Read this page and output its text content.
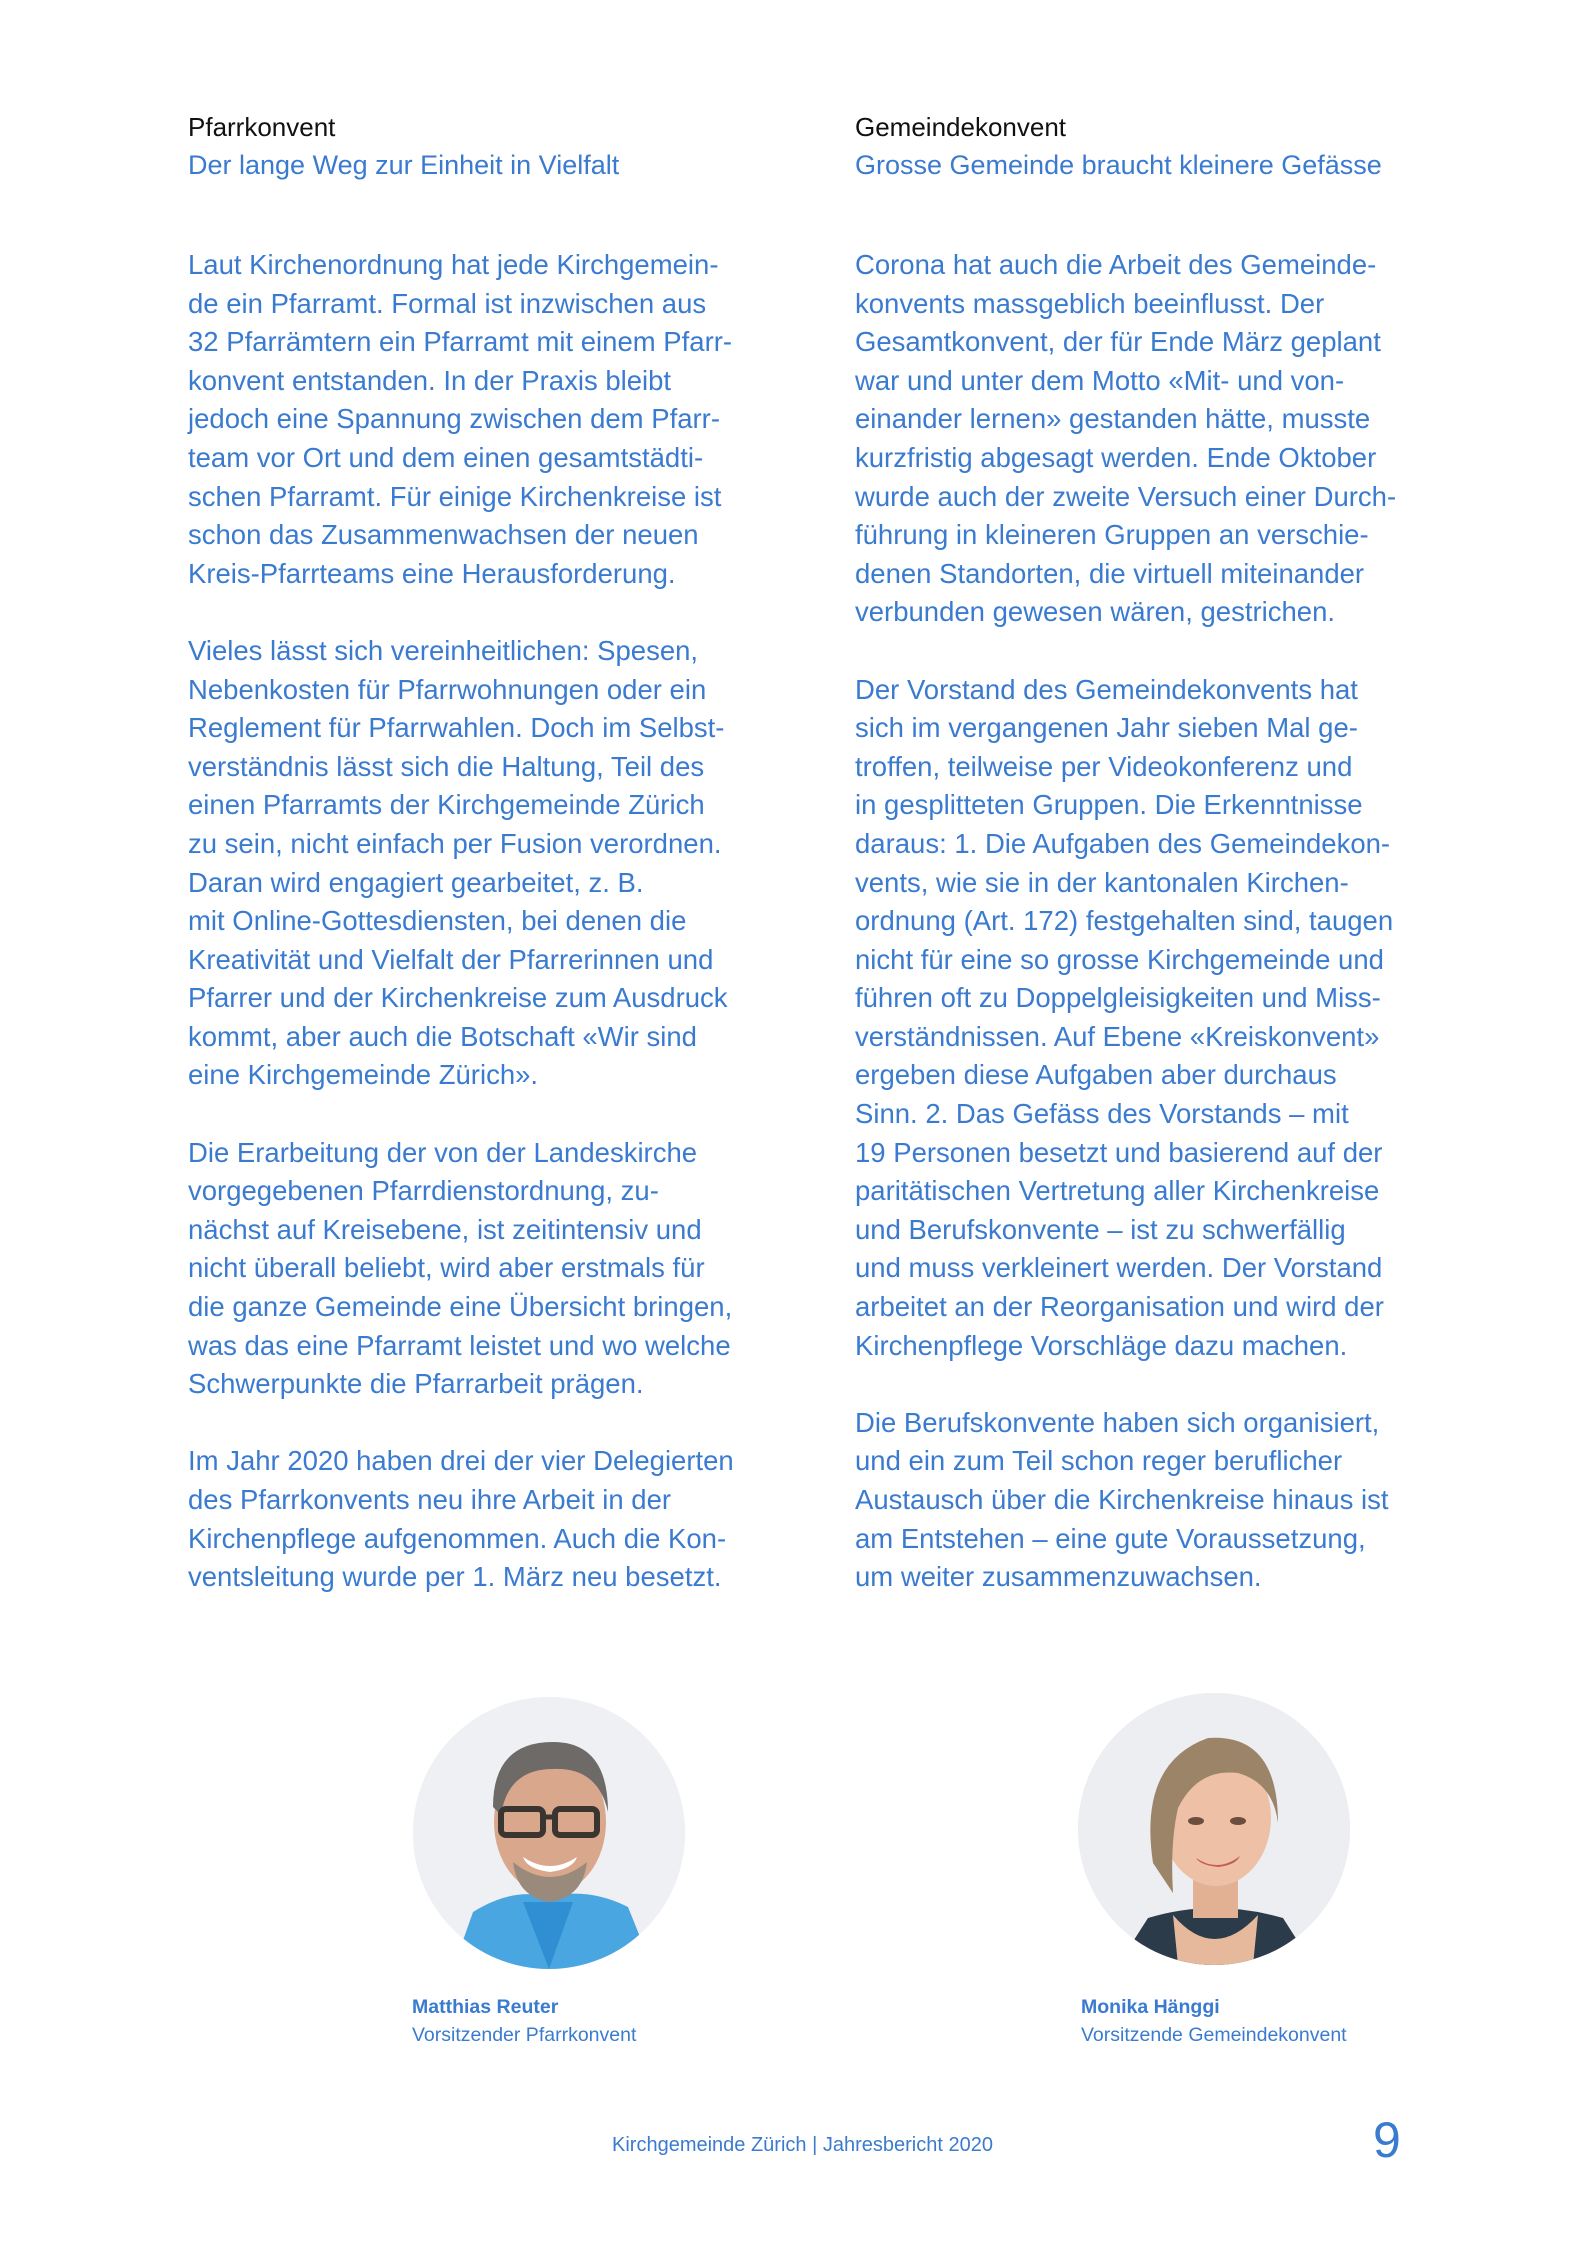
Pfarrkonvent
Der lange Weg zur Einheit in Vielfalt

Laut Kirchenordnung hat jede Kirchgemein-
de ein Pfarramt. Formal ist inzwischen aus
32 Pfarrämtern ein Pfarramt mit einem Pfarr-
konvent entstanden. In der Praxis bleibt
jedoch eine Spannung zwischen dem Pfarr-
team vor Ort und dem einen gesamtstädti-
schen Pfarramt. Für einige Kirchenkreise ist
schon das Zusammenwachsen der neuen
Kreis-Pfarrteams eine Herausforderung.

Vieles lässt sich vereinheitlichen: Spesen,
Nebenkosten für Pfarrwohnungen oder ein
Reglement für Pfarrwahlen. Doch im Selbst-
verständnis lässt sich die Haltung, Teil des
einen Pfarramts der Kirchgemeinde Zürich
zu sein, nicht einfach per Fusion verordnen.
Daran wird engagiert gearbeitet, z. B.
mit Online-Gottesdiensten, bei denen die
Kreativität und Vielfalt der Pfarrerinnen und
Pfarrer und der Kirchenkreise zum Ausdruck
kommt, aber auch die Botschaft «Wir sind
eine Kirchgemeinde Zürich».

Die Erarbeitung der von der Landeskirche
vorgegebenen Pfarrdienstordnung, zu-
nächst auf Kreisebene, ist zeitintensiv und
nicht überall beliebt, wird aber erstmals für
die ganze Gemeinde eine Übersicht bringen,
was das eine Pfarramt leistet und wo welche
Schwerpunkte die Pfarrarbeit prägen.

Im Jahr 2020 haben drei der vier Delegierten
des Pfarrkonvents neu ihre Arbeit in der
Kirchenpflege aufgenommen. Auch die Kon-
ventsleitung wurde per 1. März neu besetzt.

Gemeindekonvent
Grosse Gemeinde braucht kleinere Gefässe

Corona hat auch die Arbeit des Gemeinde-
konvents massgeblich beeinflusst. Der
Gesamtkonvent, der für Ende März geplant
war und unter dem Motto «Mit- und von-
einander lernen» gestanden hätte, musste
kurzfristig abgesagt werden. Ende Oktober
wurde auch der zweite Versuch einer Durch-
führung in kleineren Gruppen an verschie-
denen Standorten, die virtuell miteinander
verbunden gewesen wären, gestrichen.

Der Vorstand des Gemeindekonvents hat
sich im vergangenen Jahr sieben Mal ge-
troffen, teilweise per Videokonferenz und
in gesplitteten Gruppen. Die Erkenntnisse
daraus: 1. Die Aufgaben des Gemeindekon-
vents, wie sie in der kantonalen Kirchen-
ordnung (Art. 172) festgehalten sind, taugen
nicht für eine so grosse Kirchgemeinde und
führen oft zu Doppelgleisigkeiten und Miss-
verständnissen. Auf Ebene «Kreiskonvent»
ergeben diese Aufgaben aber durchaus
Sinn. 2. Das Gefäss des Vorstands – mit
19 Personen besetzt und basierend auf der
paritätischen Vertretung aller Kirchenkreise
und Berufskonvente – ist zu schwerfällig
und muss verkleinert werden. Der Vorstand
arbeitet an der Reorganisation und wird der
Kirchenpflege Vorschläge dazu machen.

Die Berufskonvente haben sich organisiert,
und ein zum Teil schon reger beruflicher
Austausch über die Kirchenkreise hinaus ist
am Entstehen – eine gute Voraussetzung,
um weiter zusammenzuwachsen.

Matthias Reuter
Vorsitzender Pfarrkonvent
Monika Hänggi
Vorsitzende Gemeindekonvent
Kirchgemeinde Zürich | Jahresbericht 2020	9
